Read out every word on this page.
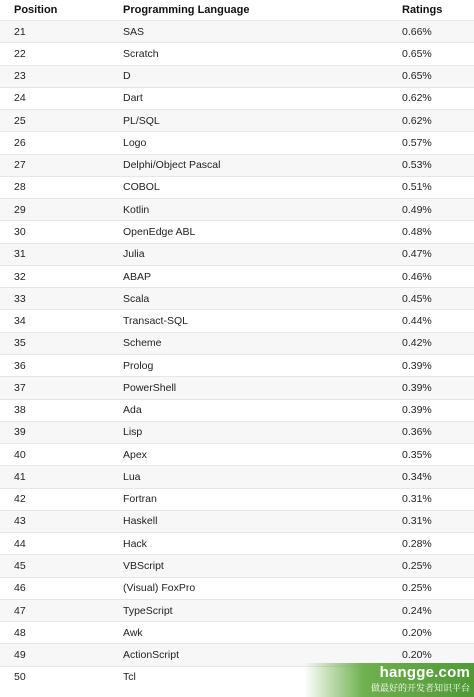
Position	Programming Language	Ratings
21	SAS	0.66%
22	Scratch	0.65%
23	D	0.65%
24	Dart	0.62%
25	PL/SQL	0.62%
26	Logo	0.57%
27	Delphi/Object Pascal	0.53%
28	COBOL	0.51%
29	Kotlin	0.49%
30	OpenEdge ABL	0.48%
31	Julia	0.47%
32	ABAP	0.46%
33	Scala	0.45%
34	Transact-SQL	0.44%
35	Scheme	0.42%
36	Prolog	0.39%
37	PowerShell	0.39%
38	Ada	0.39%
39	Lisp	0.36%
40	Apex	0.35%
41	Lua	0.34%
42	Fortran	0.31%
43	Haskell	0.31%
44	Hack	0.28%
45	VBScript	0.25%
46	(Visual) FoxPro	0.25%
47	TypeScript	0.24%
48	Awk	0.20%
49	ActionScript	0.20%
50	Tcl	hangge.com
做最好的开发者知识平台
